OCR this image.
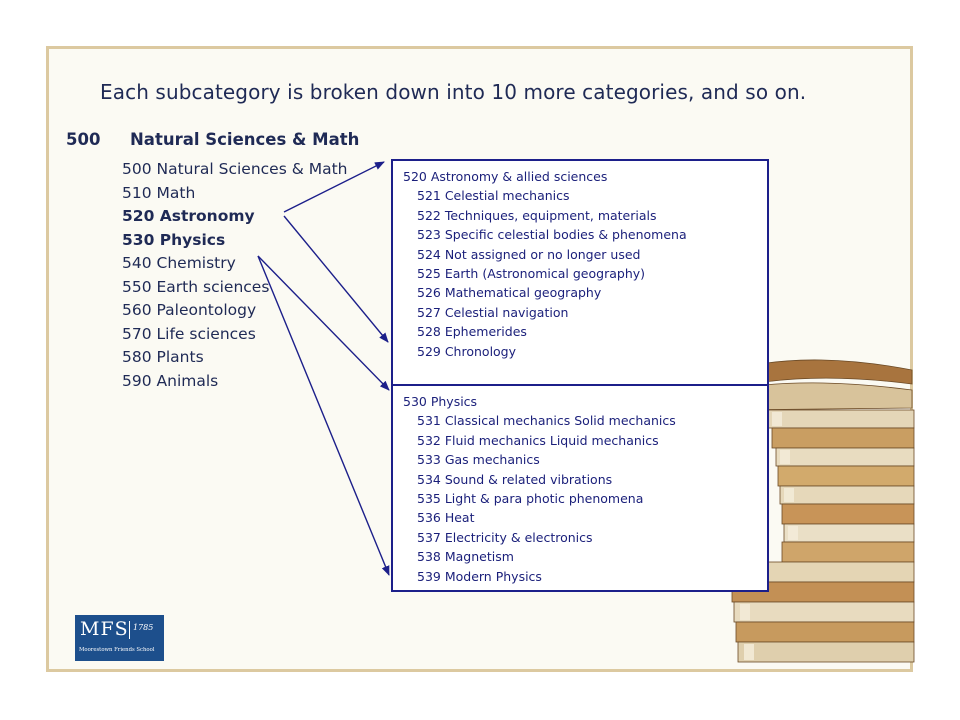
Each subcategory is broken down into 10 more categories, and so on.
500 Natural Sciences & Math
500 Natural Sciences & Math
510 Math
520 Astronomy
530 Physics
540 Chemistry
550 Earth sciences
560 Paleontology
570 Life sciences
580 Plants
590 Animals
520 Astronomy & allied sciences
521 Celestial mechanics
522 Techniques, equipment, materials
523 Specific celestial bodies & phenomena
524 Not assigned or no longer used
525 Earth (Astronomical geography)
526 Mathematical geography
527 Celestial navigation
528 Ephemerides
529 Chronology
530 Physics
531 Classical mechanics Solid mechanics
532 Fluid mechanics Liquid mechanics
533 Gas mechanics
534 Sound & related vibrations
535 Light & para photic phenomena
536 Heat
537 Electricity & electronics
538 Magnetism
539 Modern Physics
MFS 1785
Moorestown Friends School
